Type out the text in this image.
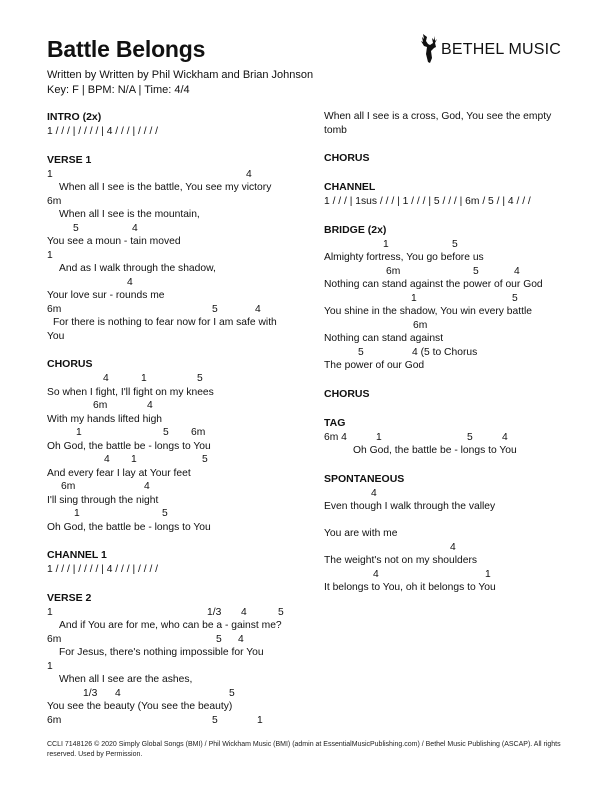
Battle Belongs
Written by Written by Phil Wickham and Brian Johnson
Key: F | BPM: N/A | Time: 4/4
BETHEL MUSIC
INTRO (2x)
1 / / / | / / / / | 4 / / / | / / / /
VERSE 1
1	4
When all I see is the battle, You see my victory
6m
When all I see is the mountain,
5	4
You see a moun - tain moved
1
And as I walk through the shadow,
4
Your love sur - rounds me
6m	5	4
For there is nothing to fear now for I am safe with
You
CHORUS
4	1	5
So when I fight, I'll fight on my knees
6m	4
With my hands lifted high
1	5 6m
Oh God, the battle be - longs to You
4 1	5
And every fear I lay at Your feet
6m	4
I'll sing through the night
1	5
Oh God, the battle be - longs to You
CHANNEL 1
1 / / / | / / / / | 4 / / / | / / / /
VERSE 2
1	1/3 4	5
And if You are for me, who can be a - gainst me?
6m	5 4
For Jesus, there's nothing impossible for You
1
When all I see are the ashes,
1/3 4	5
You see the beauty (You see the beauty)
6m	5	1
When all I see is a cross, God, You see the empty
tomb
CHORUS
CHANNEL
1 / / / | 1sus / / / | 1 / / / | 5 / / / | 6m / 5 / | 4 / / /
BRIDGE (2x)
1	5
Almighty fortress, You go before us
6m	5	4
Nothing can stand against the power of our God
1	5
You shine in the shadow, You win every battle
6m
Nothing can stand against
5	4 (5 to Chorus
The power of our God
CHORUS
TAG
6m 4	1	5	4
Oh God, the battle be - longs to You
SPONTANEOUS
4
Even though I walk through the valley
You are with me
4
The weight's not on my shoulders
4	1
It belongs to You, oh it belongs to You
CCLI 7148126 © 2020 Simply Global Songs (BMI) / Phil Wickham Music (BMI) (admin at EssentialMusicPublishing.com) / Bethel Music Publishing (ASCAP). All rights reserved. Used by Permission.
